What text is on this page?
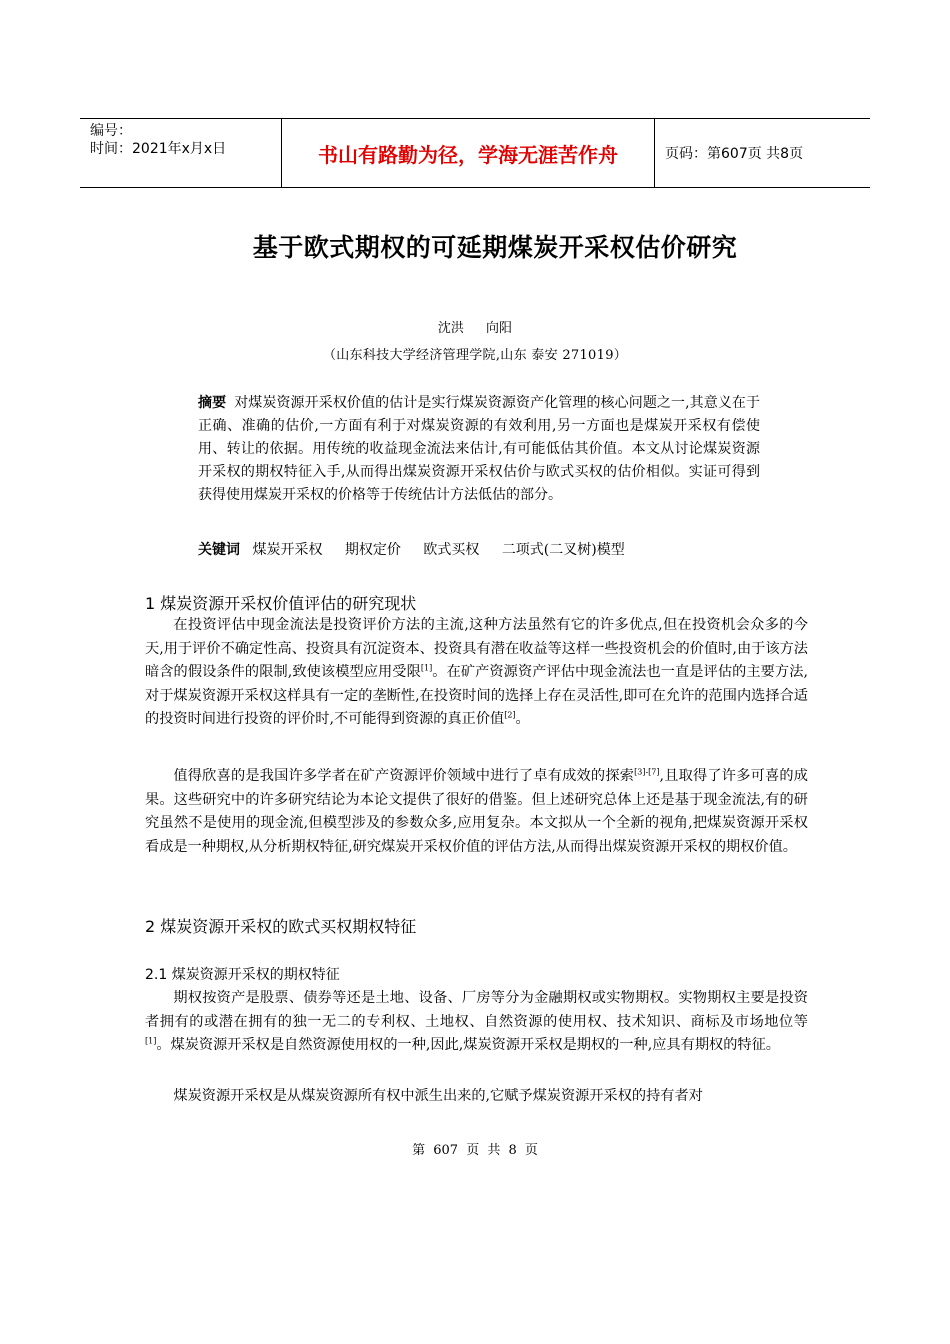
编号：
时间：2021年x月x日	书山有路勤为径，学海无涯苦作舟	页码：第607页 共8页
基于欧式期权的可延期煤炭开采权估价研究
沈洪 向阳
（山东科技大学经济管理学院,山东 泰安 271019）
摘要 对煤炭资源开采权价值的估计是实行煤炭资源资产化管理的核心问题之一,其意义在于正确、准确的估价,一方面有利于对煤炭资源的有效利用,另一方面也是煤炭开采权有偿使用、转让的依据。用传统的收益现金流法来估计,有可能低估其价值。本文从讨论煤炭资源开采权的期权特征入手,从而得出煤炭资源开采权估价与欧式买权的估价相似。实证可得到获得使用煤炭开采权的价格等于传统估计方法低估的部分。
关键词 煤炭开采权 期权定价 欧式买权 二项式(二叉树)模型
1 煤炭资源开采权价值评估的研究现状
在投资评估中现金流法是投资评价方法的主流,这种方法虽然有它的许多优点,但在投资机会众多的今天,用于评价不确定性高、投资具有沉淀资本、投资具有潜在收益等这样一些投资机会的价值时,由于该方法暗含的假设条件的限制,致使该模型应用受限[1]。在矿产资源资产评估中现金流法也一直是评估的主要方法,对于煤炭资源开采权这样具有一定的垄断性,在投资时间的选择上存在灵活性,即可在允许的范围内选择合适的投资时间进行投资的评价时,不可能得到资源的真正价值[2]。
值得欣喜的是我国许多学者在矿产资源评价领域中进行了卓有成效的探索[3]-[7],且取得了许多可喜的成果。这些研究中的许多研究结论为本论文提供了很好的借鉴。但上述研究总体上还是基于现金流法,有的研究虽然不是使用的现金流,但模型涉及的参数众多,应用复杂。本文拟从一个全新的视角,把煤炭资源开采权看成是一种期权,从分析期权特征,研究煤炭开采权价值的评估方法,从而得出煤炭资源开采权的期权价值。
2 煤炭资源开采权的欧式买权期权特征
2.1 煤炭资源开采权的期权特征
期权按资产是股票、债券等还是土地、设备、厂房等分为金融期权或实物期权。实物期权主要是投资者拥有的或潜在拥有的独一无二的专利权、土地权、自然资源的使用权、技术知识、商标及市场地位等[1]。煤炭资源开采权是自然资源使用权的一种,因此,煤炭资源开采权是期权的一种,应具有期权的特征。
煤炭资源开采权是从煤炭资源所有权中派生出来的,它赋予煤炭资源开采权的持有者对
第 607 页 共 8 页
